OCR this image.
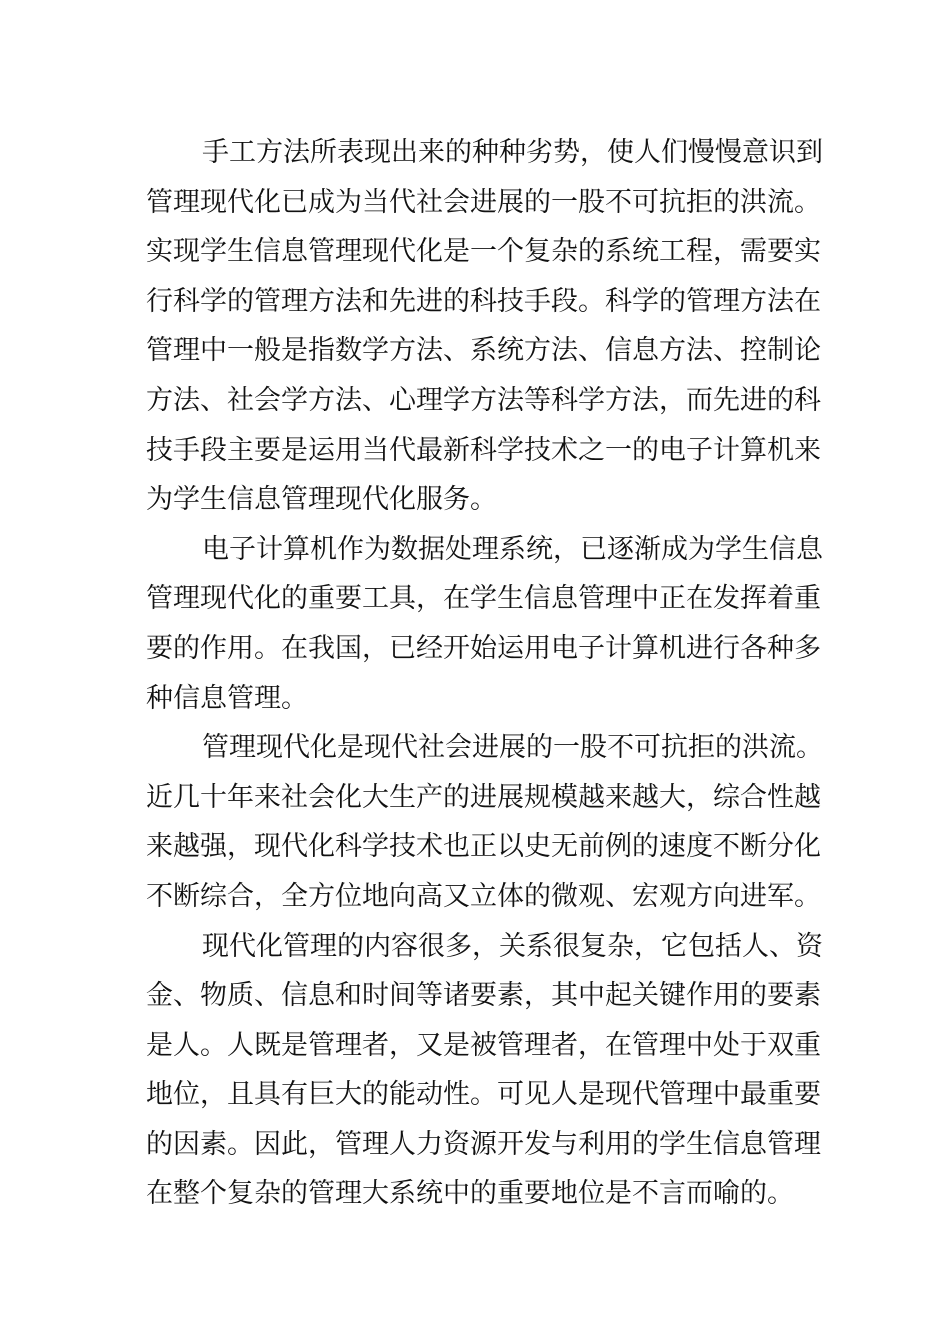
手工方法所表现出来的种种劣势，使人们慢慢意识到
管理现代化已成为当代社会进展的一股不可抗拒的洪流。
实现学生信息管理现代化是一个复杂的系统工程，需要实
行科学的管理方法和先进的科技手段。科学的管理方法在
管理中一般是指数学方法、系统方法、信息方法、控制论
方法、社会学方法、心理学方法等科学方法，而先进的科
技手段主要是运用当代最新科学技术之一的电子计算机来
为学生信息管理现代化服务。
电子计算机作为数据处理系统，已逐渐成为学生信息
管理现代化的重要工具，在学生信息管理中正在发挥着重
要的作用。在我国，已经开始运用电子计算机进行各种多
种信息管理。
管理现代化是现代社会进展的一股不可抗拒的洪流。
近几十年来社会化大生产的进展规模越来越大，综合性越
来越强，现代化科学技术也正以史无前例的速度不断分化
不断综合，全方位地向高又立体的微观、宏观方向进军。
现代化管理的内容很多，关系很复杂，它包括人、资
金、物质、信息和时间等诸要素，其中起关键作用的要素
是人。人既是管理者，又是被管理者，在管理中处于双重
地位，且具有巨大的能动性。可见人是现代管理中最重要
的因素。因此，管理人力资源开发与利用的学生信息管理
在整个复杂的管理大系统中的重要地位是不言而喻的。
